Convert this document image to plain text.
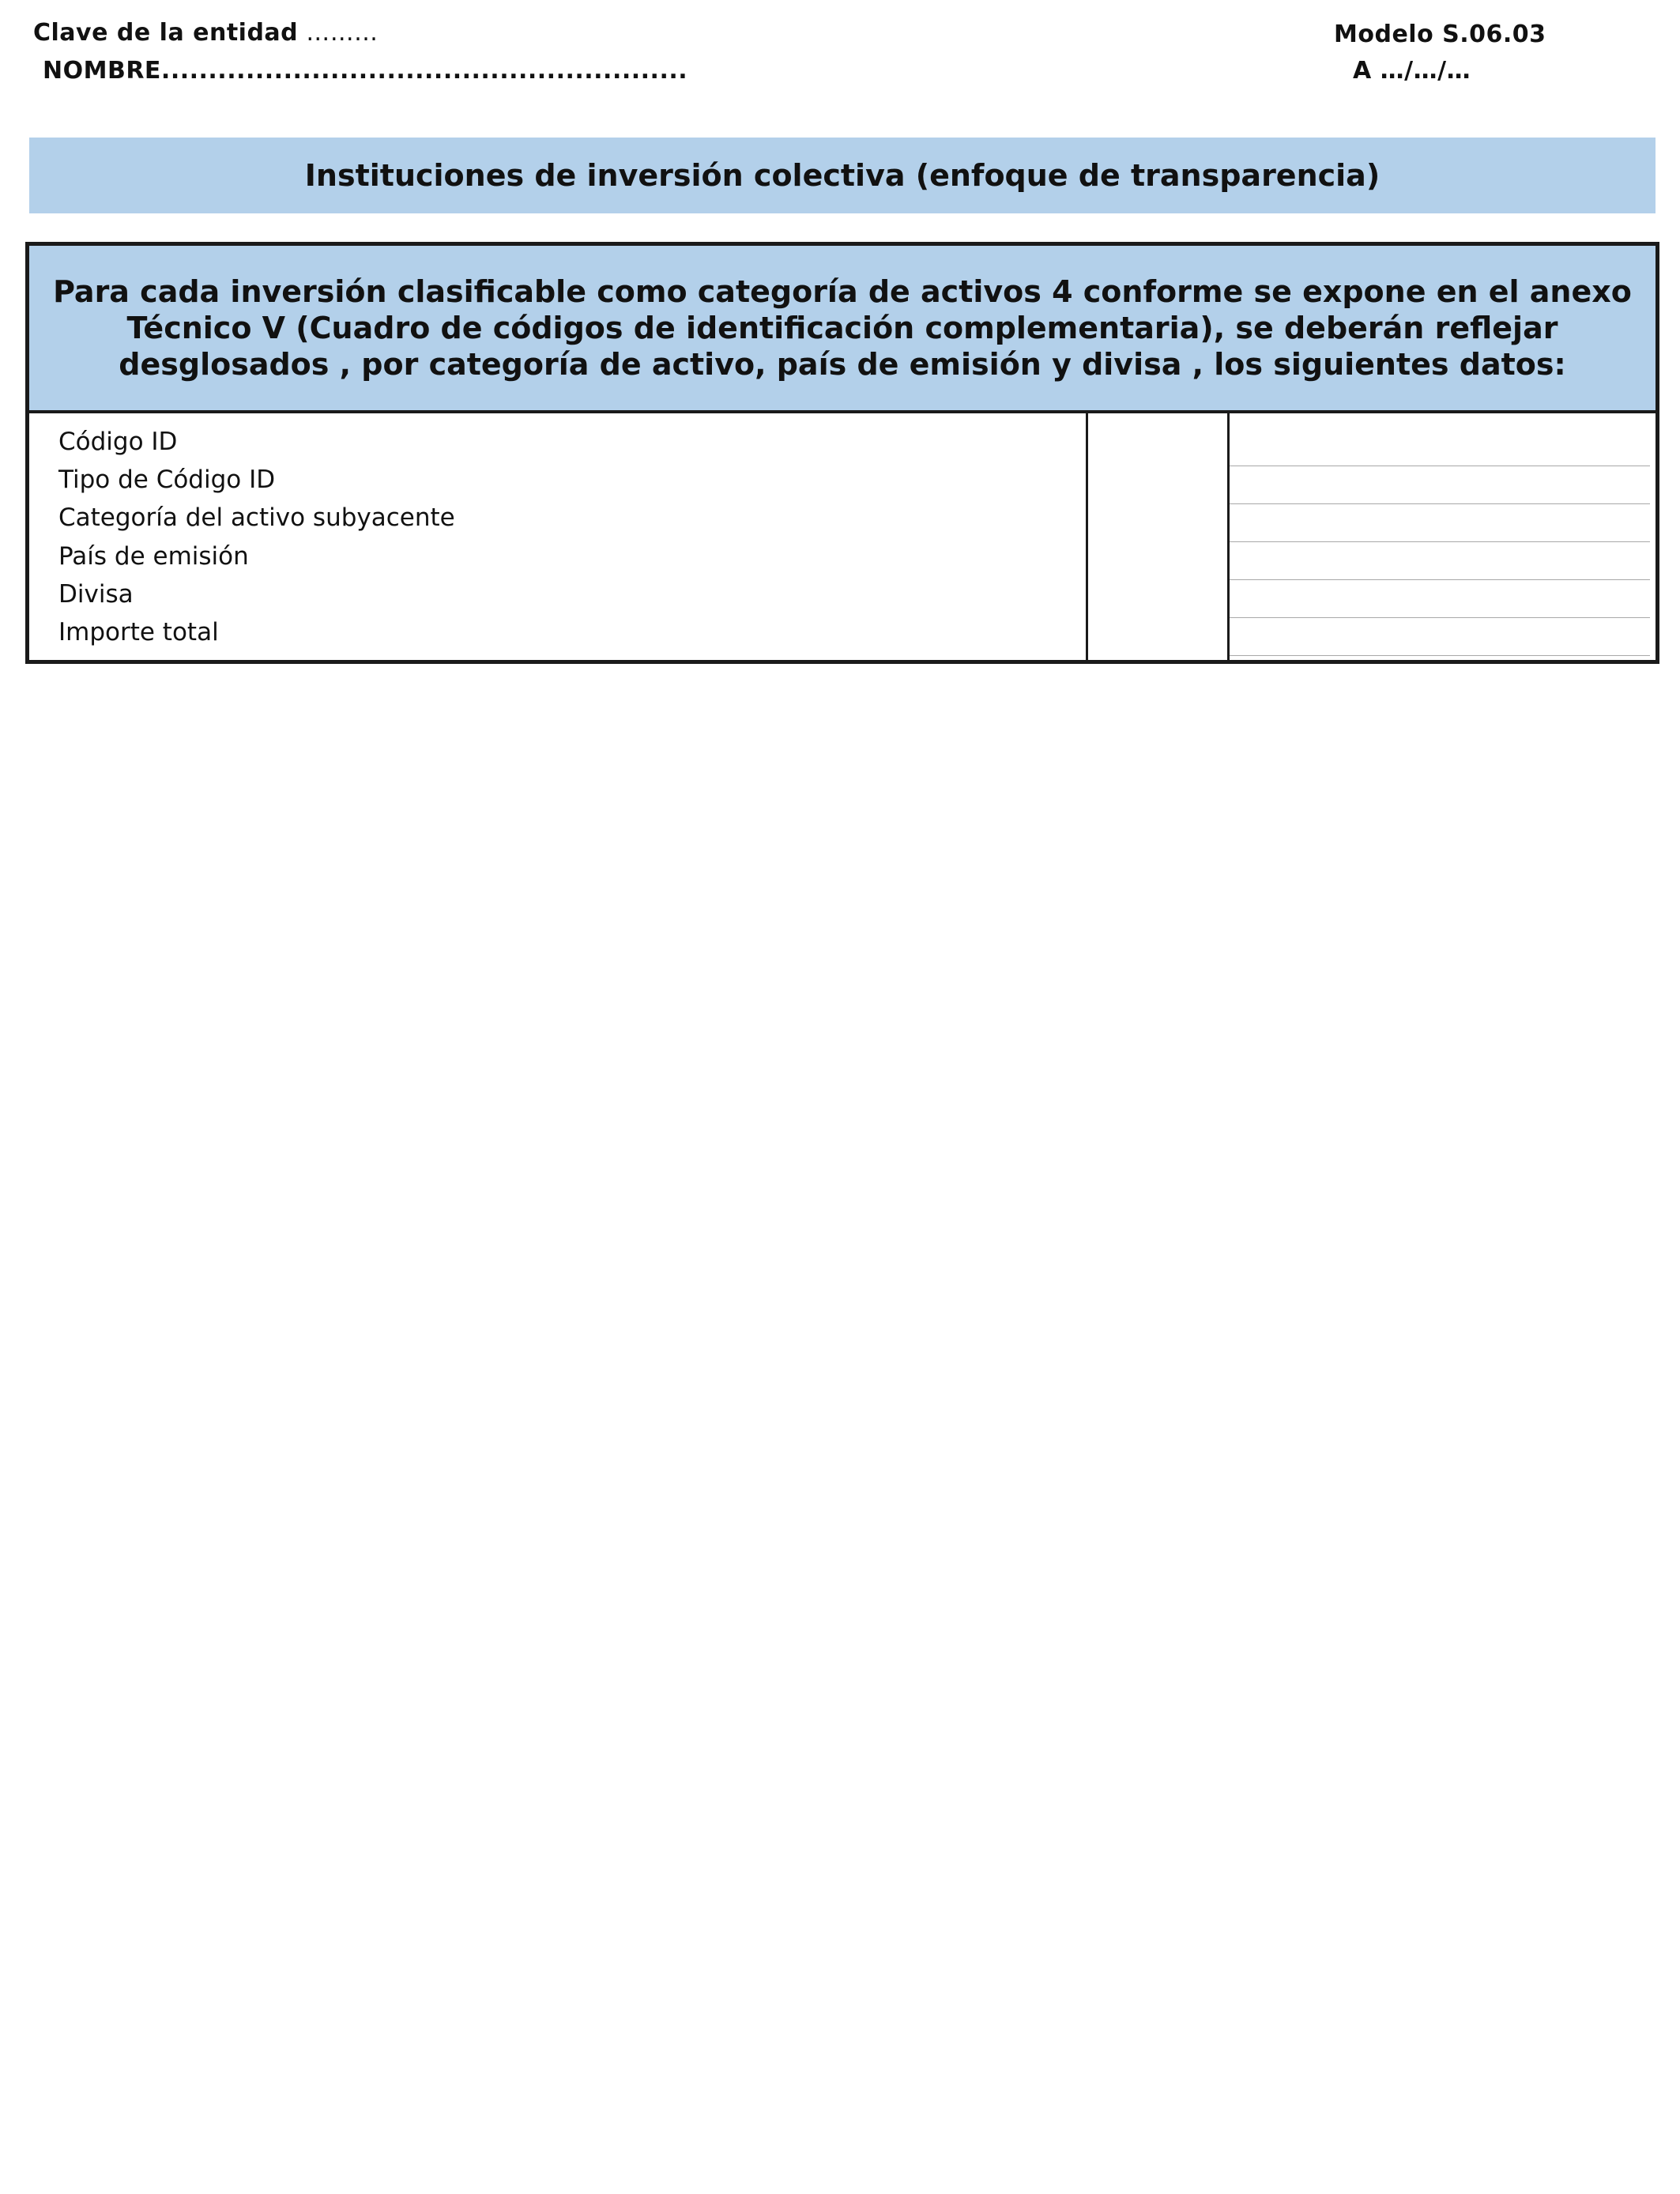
Clave de la entidad ……...
NOMBRE........................................................
Modelo S.06.03
A …/…/…
Instituciones de inversión colectiva (enfoque de transparencia)
Para cada inversión clasificable como categoría de activos 4 conforme se expone en el anexo Técnico V (Cuadro de códigos de identificación complementaria), se deberán reflejar desglosados , por categoría de activo, país de emisión y divisa , los siguientes datos:
Código ID
Tipo de Código ID
Categoría del activo subyacente
País de emisión
Divisa
Importe total
